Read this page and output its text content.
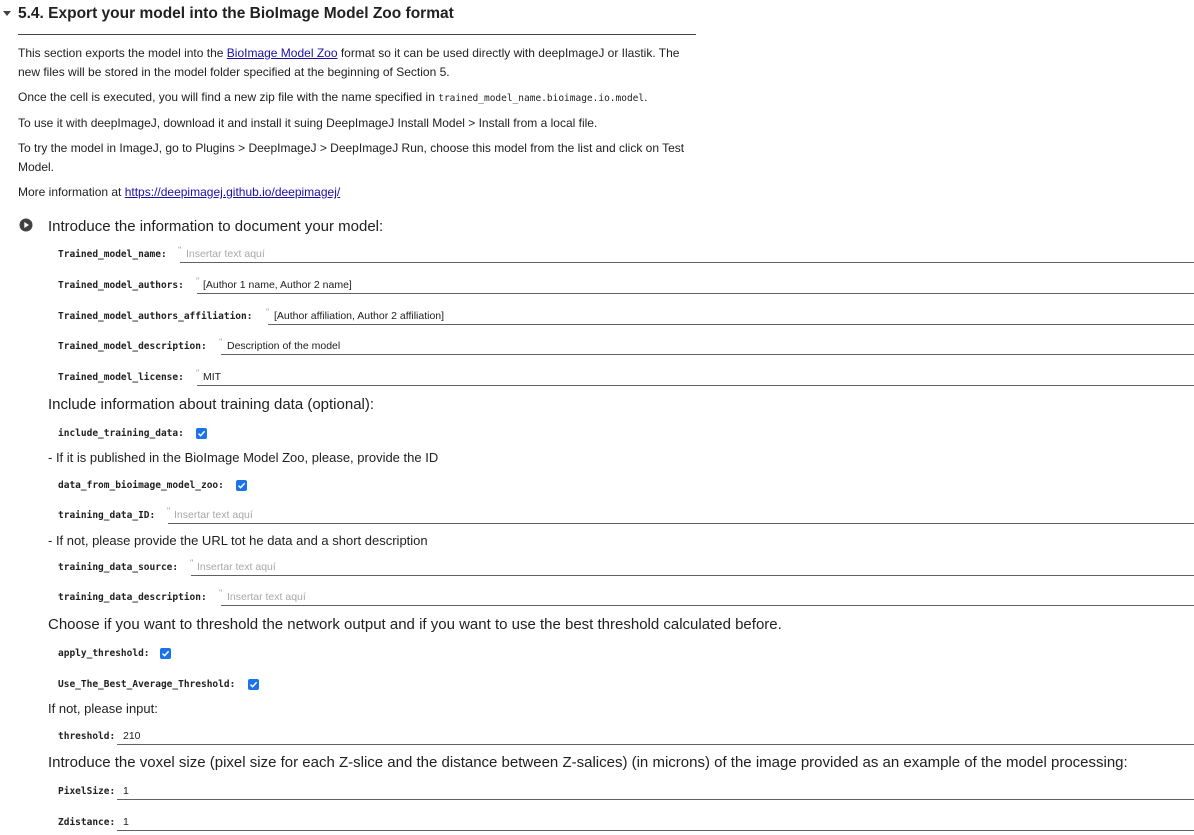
5.4. Export your model into the BioImage Model Zoo format

This section exports the model into the BioImage Model Zoo format so it can be used directly with deepImageJ or Ilastik. The new files will be stored in the model folder specified at the beginning of Section 5.

Once the cell is executed, you will find a new zip file with the name specified in trained_model_name.bioimage.io.model.

To use it with deepImageJ, download it and install it suing DeepImageJ Install Model > Install from a local file.

To try the model in ImageJ, go to Plugins > DeepImageJ > DeepImageJ Run, choose this model from the list and click on Test Model.

More information at https://deepimagej.github.io/deepimagej/

Introduce the information to document your model:
Trained_model_name: "
Insertar text aquí
Trained_model_authors: "
[Author 1 name, Author 2 name]
Trained_model_authors_affiliation: "
[Author affiliation, Author 2 affiliation]
Trained_model_description: "
Description of the model
Trained_model_license: "
MIT
Include information about training data (optional):
include_training_data:
- If it is published in the BioImage Model Zoo, please, provide the ID
data_from_bioimage_model_zoo:
training_data_ID: "
Insertar text aquí
- If not, please provide the URL tot he data and a short description
training_data_source: "
Insertar text aquí
training_data_description: "
Insertar text aquí
Choose if you want to threshold the network output and if you want to use the best threshold calculated before.
apply_threshold:
Use_The_Best_Average_Threshold:
If not, please input:
threshold:
210
Introduce the voxel size (pixel size for each Z-slice and the distance between Z-salices) (in microns) of the image provided as an example of the model processing:
PixelSize:
1
Zdistance:
1
